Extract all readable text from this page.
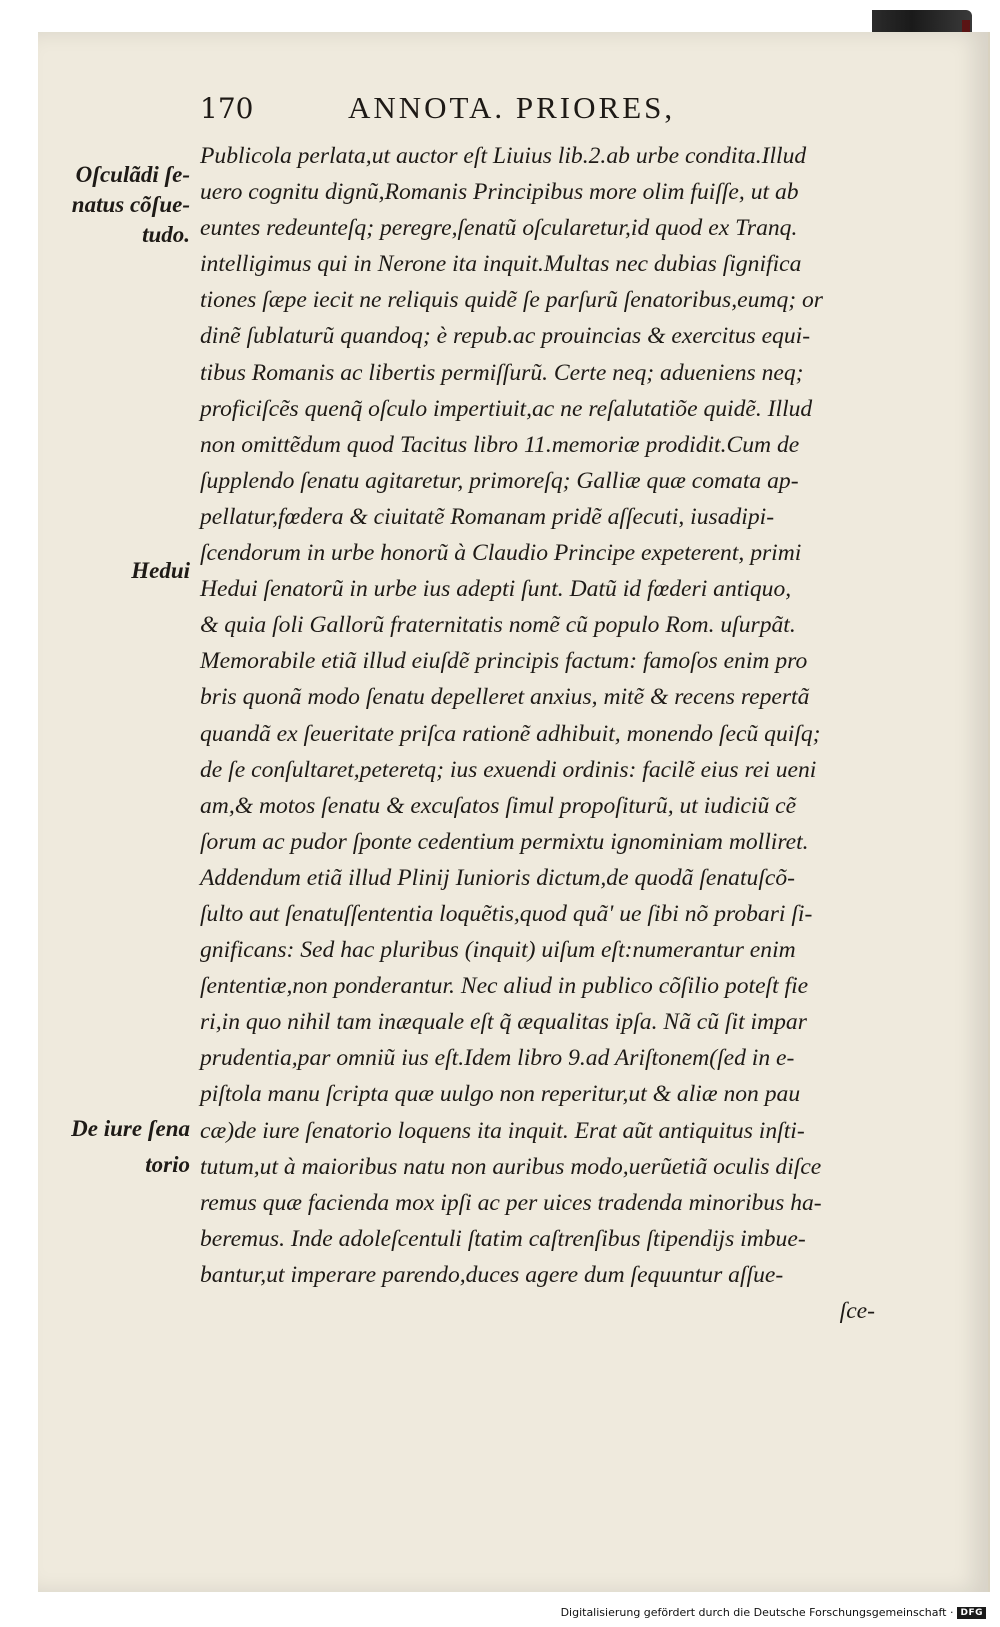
170	ANNOTA. PRIORES,
Oſculãdi ſe-
natus cõſue-
tudo.
Hedui
De iure ſena
torio
Publicola perlata,ut auctor eſt Liuius lib.2.ab urbe condita.Illud
uero cognitu dignũ,Romanis Principibus more olim fuiſſe, ut ab
euntes redeunteſq; peregre,ſenatũ oſcularetur,id quod ex Tranq.
intelligimus qui in Nerone ita inquit.Multas nec dubias ſignifica
tiones ſæpe iecit ne reliquis quidẽ ſe parſurũ ſenatoribus,eumq; or
dinẽ ſublaturũ quandoq; è repub.ac prouincias & exercitus equi-
tibus Romanis ac libertis permiſſurũ. Certe neq; adueniens neq;
proficiſcẽs quenq̃ oſculo impertiuit,ac ne reſalutatiõe quidẽ. Illud
non omittẽdum quod Tacitus libro 11.memoriæ prodidit.Cum de
ſupplendo ſenatu agitaretur, primoreſq; Galliæ quæ comata ap-
pellatur,fœdera & ciuitatẽ Romanam pridẽ aſſecuti, iusadipi-
ſcendorum in urbe honorũ à Claudio Principe expeterent, primi
Hedui ſenatorũ in urbe ius adepti ſunt. Datũ id fœderi antiquo,
& quia ſoli Gallorũ fraternitatis nomẽ cũ populo Rom. uſurpãt.
Memorabile etiã illud eiuſdẽ principis factum: famoſos enim pro
bris quonã modo ſenatu depelleret anxius, mitẽ & recens repertã
quandã ex ſeueritate priſca rationẽ adhibuit, monendo ſecũ quiſq;
de ſe conſultaret,peteretq; ius exuendi ordinis: facilẽ eius rei ueni
am,& motos ſenatu & excuſatos ſimul propoſiturũ, ut iudiciũ cẽ
ſorum ac pudor ſponte cedentium permixtu ignominiam molliret.
Addendum etiã illud Plinij Iunioris dictum,de quodã ſenatuſcõ-
ſulto aut ſenatuſſententia loquẽtis,quod quã' ue ſibi nõ probari ſi-
gnificans: Sed hac pluribus (inquit) uiſum eſt:numerantur enim
ſententiæ,non ponderantur. Nec aliud in publico cõſilio poteſt fie
ri,in quo nihil tam inæquale eſt q̃ æqualitas ipſa. Nã cũ ſit impar
prudentia,par omniũ ius eſt.Idem libro 9.ad Ariſtonem(ſed in e-
piſtola manu ſcripta quæ uulgo non reperitur,ut & aliæ non pau
cæ)de iure ſenatorio loquens ita inquit. Erat aũt antiquitus inſti-
tutum,ut à maioribus natu non auribus modo,uerũetiã oculis diſce
remus quæ facienda mox ipſi ac per uices tradenda minoribus ha-
beremus. Inde adoleſcentuli ſtatim caſtrenſibus ſtipendijs imbue-
bantur,ut imperare parendo,duces agere dum ſequuntur aſſue-
ſce-
Digitalisierung gefördert durch die Deutsche Forschungsgemeinschaft · DFG
